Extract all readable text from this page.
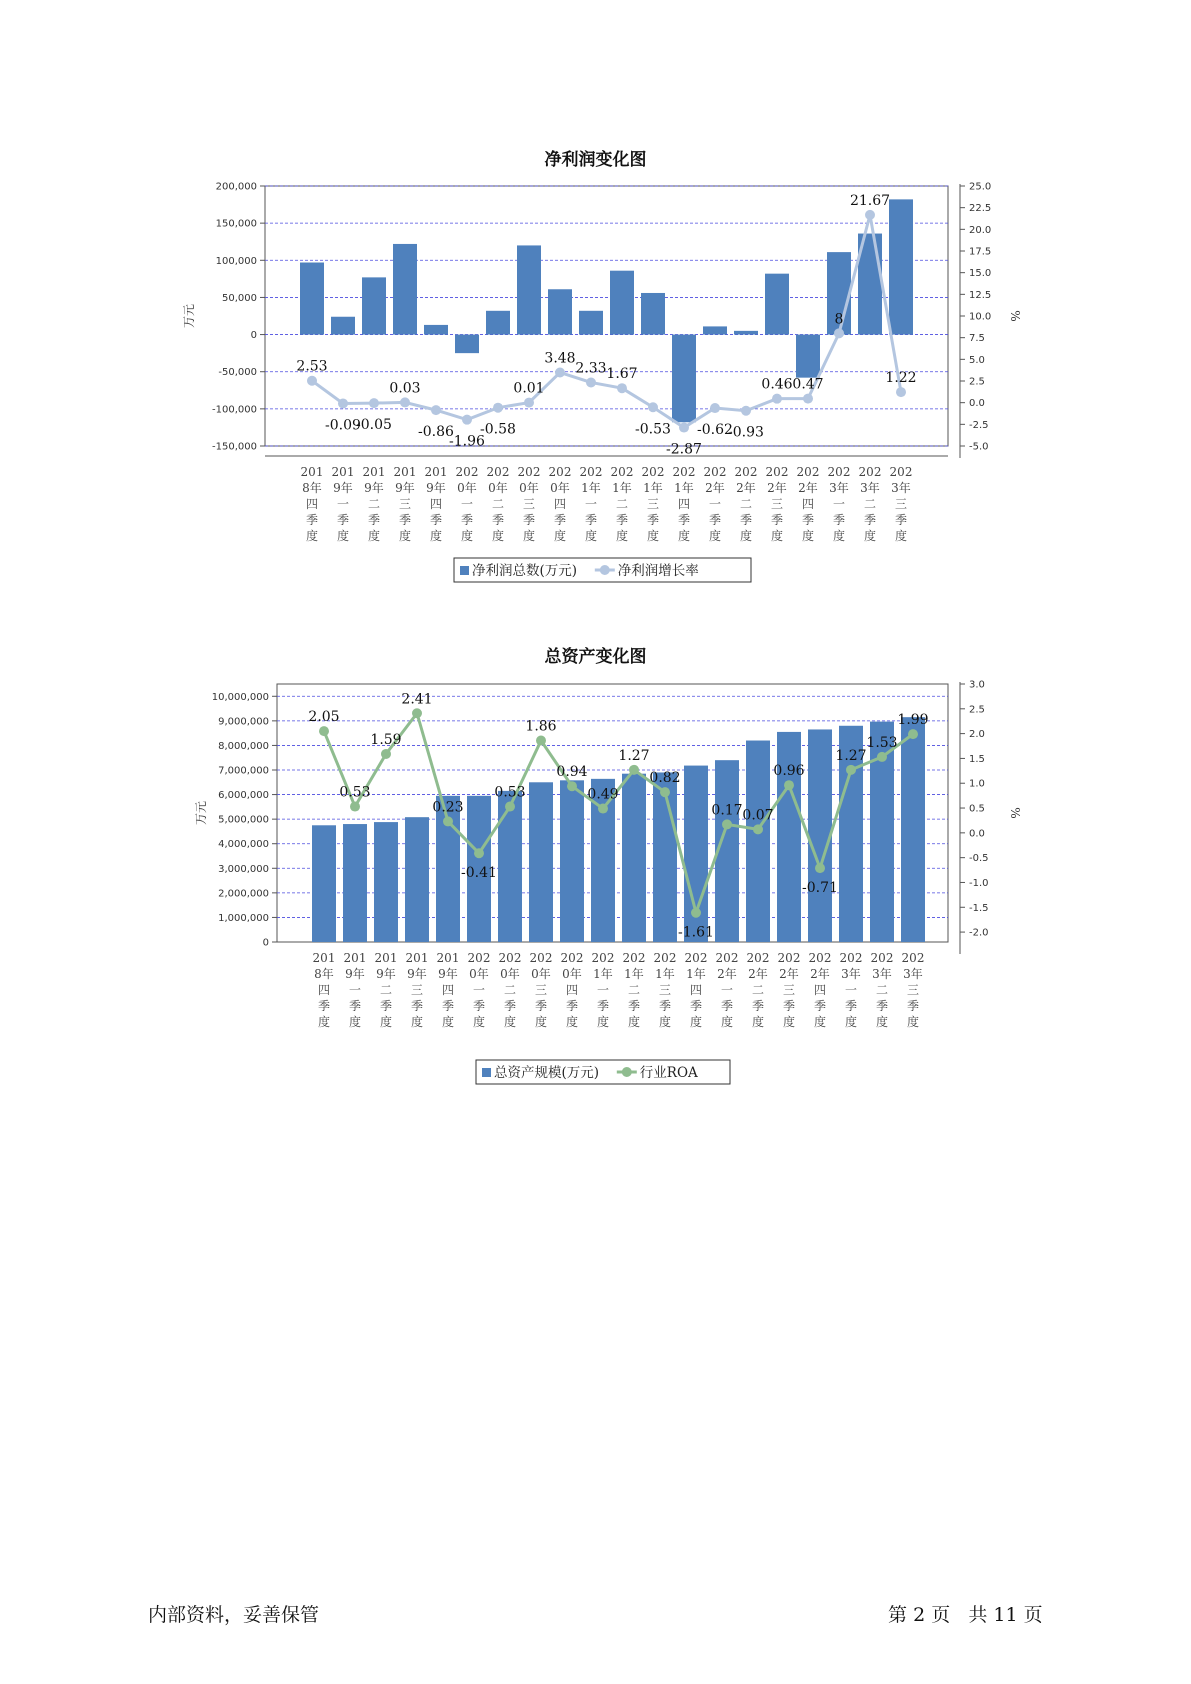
净利润变化图
-150,000
-100,000
-50,000
0
50,000
100,000
150,000
200,000
-5.0
-2.5
0.0
2.5
5.0
7.5
10.0
12.5
15.0
17.5
20.0
22.5
25.0
万元	%
201
8年
四
季
度
201
9年
一
季
度
201
9年
二
季
度
201
9年
三
季
度
201
9年
四
季
度
202
0年
一
季
度
202
0年
二
季
度
202
0年
三
季
度
202
0年
四
季
度
202
1年
一
季
度
202
1年
二
季
度
202
1年
三
季
度
202
1年
四
季
度
202
2年
一
季
度
202
2年
二
季
度
202
2年
三
季
度
202
2年
四
季
度
202
3年
一
季
度
202
3年
二
季
度
202
3年
三
季
度
2.53
-0.09
-0.05
0.03
-0.86
-1.96
-0.58
0.01
3.48
2.33 1.67
-0.53
-2.87
-0.62
-0.93
0.46 0.47
8
21.67
1.22
净利润总数(万元)	净利润增长率
总资产变化图
0
1,000,000
2,000,000
3,000,000
4,000,000
5,000,000
6,000,000
7,000,000
8,000,000
9,000,000
10,000,000
-2.0
-1.5
-1.0
-0.5
0.0
0.5
1.0
1.5
2.0
2.5
3.0
万元	%
201
8年
四
季
度
201
9年
一
季
度
201
9年
二
季
度
201
9年
三
季
度
201
9年
四
季
度
202
0年
一
季
度
202
0年
二
季
度
202
0年
三
季
度
202
0年
四
季
度
202
1年
一
季
度
202
1年
二
季
度
202
1年
三
季
度
202
1年
四
季
度
202
2年
一
季
度
202
2年
二
季
度
202
2年
三
季
度
202
2年
四
季
度
202
3年
一
季
度
202
3年
二
季
度
202
3年
三
季
度
2.05
0.53
1.59
2.41
0.23
-0.41
0.53
1.86
0.94
0.49
1.27
0.82
-1.61
0.17 0.07
0.96
-0.71
1.27
1.53
1.99
总资产规模(万元)	行业ROA
内部资料，妥善保管	第 2 页   共 11 页
